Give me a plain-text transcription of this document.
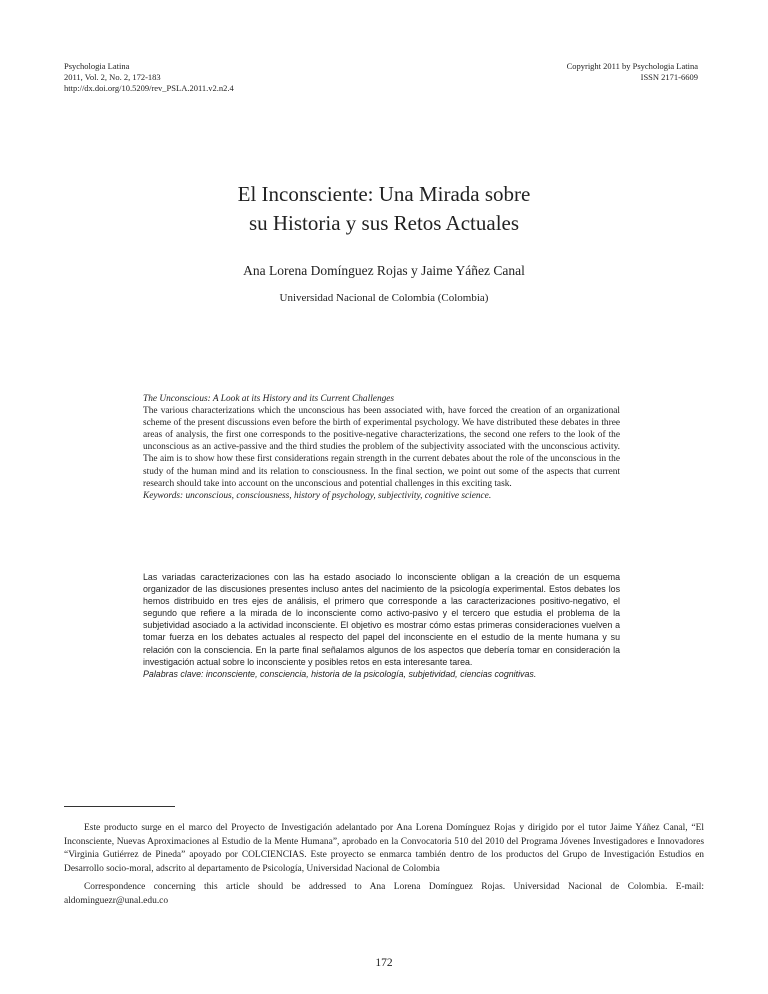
Psychologia Latina
2011, Vol. 2, No. 2, 172-183
http://dx.doi.org/10.5209/rev_PSLA.2011.v2.n2.4
Copyright 2011 by Psychologia Latina
ISSN 2171-6609
El Inconsciente: Una Mirada sobre
su Historia y sus Retos Actuales
Ana Lorena Domínguez Rojas y Jaime Yáñez Canal
Universidad Nacional de Colombia (Colombia)

The Unconscious: A Look at its History and its Current Challenges

The various characterizations which the unconscious has been associated with, have forced the creation of an organizational scheme of the present discussions even before the birth of experimental psychology. We have distributed these debates in three areas of analysis, the first one corresponds to the positive-negative characterizations, the second one refers to the look of the unconscious as an active-passive and the third studies the problem of the subjectivity associated with the unconscious activity. The aim is to show how these first considerations regain strength in the current debates about the role of the unconscious in the study of the human mind and its relation to consciousness. In the final section, we point out some of the aspects that current research should take into account on the unconscious and potential challenges in this exciting task.

Keywords: unconscious, consciousness, history of psychology, subjectivity, cognitive science.

Las variadas caracterizaciones con las ha estado asociado lo inconsciente obligan a la creación de un esquema organizador de las discusiones presentes incluso antes del nacimiento de la psicología experimental. Estos debates los hemos distribuido en tres ejes de análisis, el primero que corresponde a las caracterizaciones positivo-negativo, el segundo que refiere a la mirada de lo inconsciente como activo-pasivo y el tercero que estudia el problema de la subjetividad asociado a la actividad inconsciente. El objetivo es mostrar cómo estas primeras consideraciones vuelven a tomar fuerza en los debates actuales al respecto del papel del inconsciente en el estudio de la mente humana y su relación con la consciencia. En la parte final señalamos algunos de los aspectos que debería tomar en consideración la investigación actual sobre lo inconsciente y posibles retos en esta interesante tarea.

Palabras clave: inconsciente, consciencia, historia de la psicología, subjetividad, ciencias cognitivas.

Este producto surge en el marco del Proyecto de Investigación adelantado por Ana Lorena Domínguez Rojas y dirigido por el tutor Jaime Yáñez Canal, “El Inconsciente, Nuevas Aproximaciones al Estudio de la Mente Humana”, aprobado en la Convocatoria 510 del 2010 del Programa Jóvenes Investigadores e Innovadores “Virginia Gutiérrez de Pineda” apoyado por COLCIENCIAS. Este proyecto se enmarca también dentro de los productos del Grupo de Investigación Estudios en Desarrollo socio-moral, adscrito al departamento de Psicología, Universidad Nacional de Colombia

Correspondence concerning this article should be addressed to Ana Lorena Domínguez Rojas. Universidad Nacional de Colombia. E-mail: aldominguezr@unal.edu.co

172
